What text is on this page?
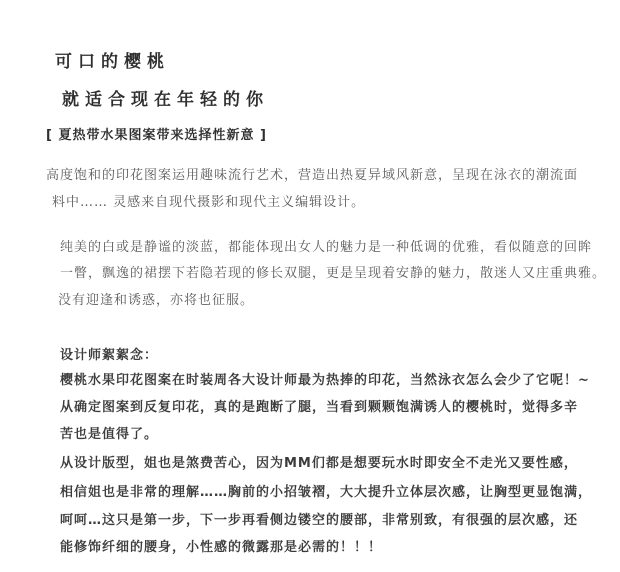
可口的樱桃
就适合现在年轻的你
[ 夏热带水果图案带来选择性新意 ]
高度饱和的印花图案运用趣味流行艺术，营造出热夏异域风新意，呈现在泳衣的潮流面
料中…… 灵感来自现代摄影和现代主义编辑设计。
纯美的白或是静谧的淡蓝，都能体现出女人的魅力是一种低调的优雅，看似随意的回眸
一瞥，飘逸的裙摆下若隐若现的修长双腿，更是呈现着安静的魅力，散迷人又庄重典雅。
没有迎逢和诱惑，亦将也征服。
设计师絮絮念：
樱桃水果印花图案在时装周各大设计师最为热捧的印花，当然泳衣怎么会少了它呢！~
从确定图案到反复印花，真的是跑断了腿，当看到颗颗饱满诱人的樱桃时，觉得多辛
苦也是值得了。
从设计版型，姐也是煞费苦心，因为MM们都是想要玩水时即安全不走光又要性感，
相信姐也是非常的理解……胸前的小招皱褶，大大提升立体层次感，让胸型更显饱满，
呵呵…这只是第一步，下一步再看侧边镂空的腰部，非常别致，有很强的层次感，还
能修饰纤细的腰身，小性感的微露那是必需的！！！
